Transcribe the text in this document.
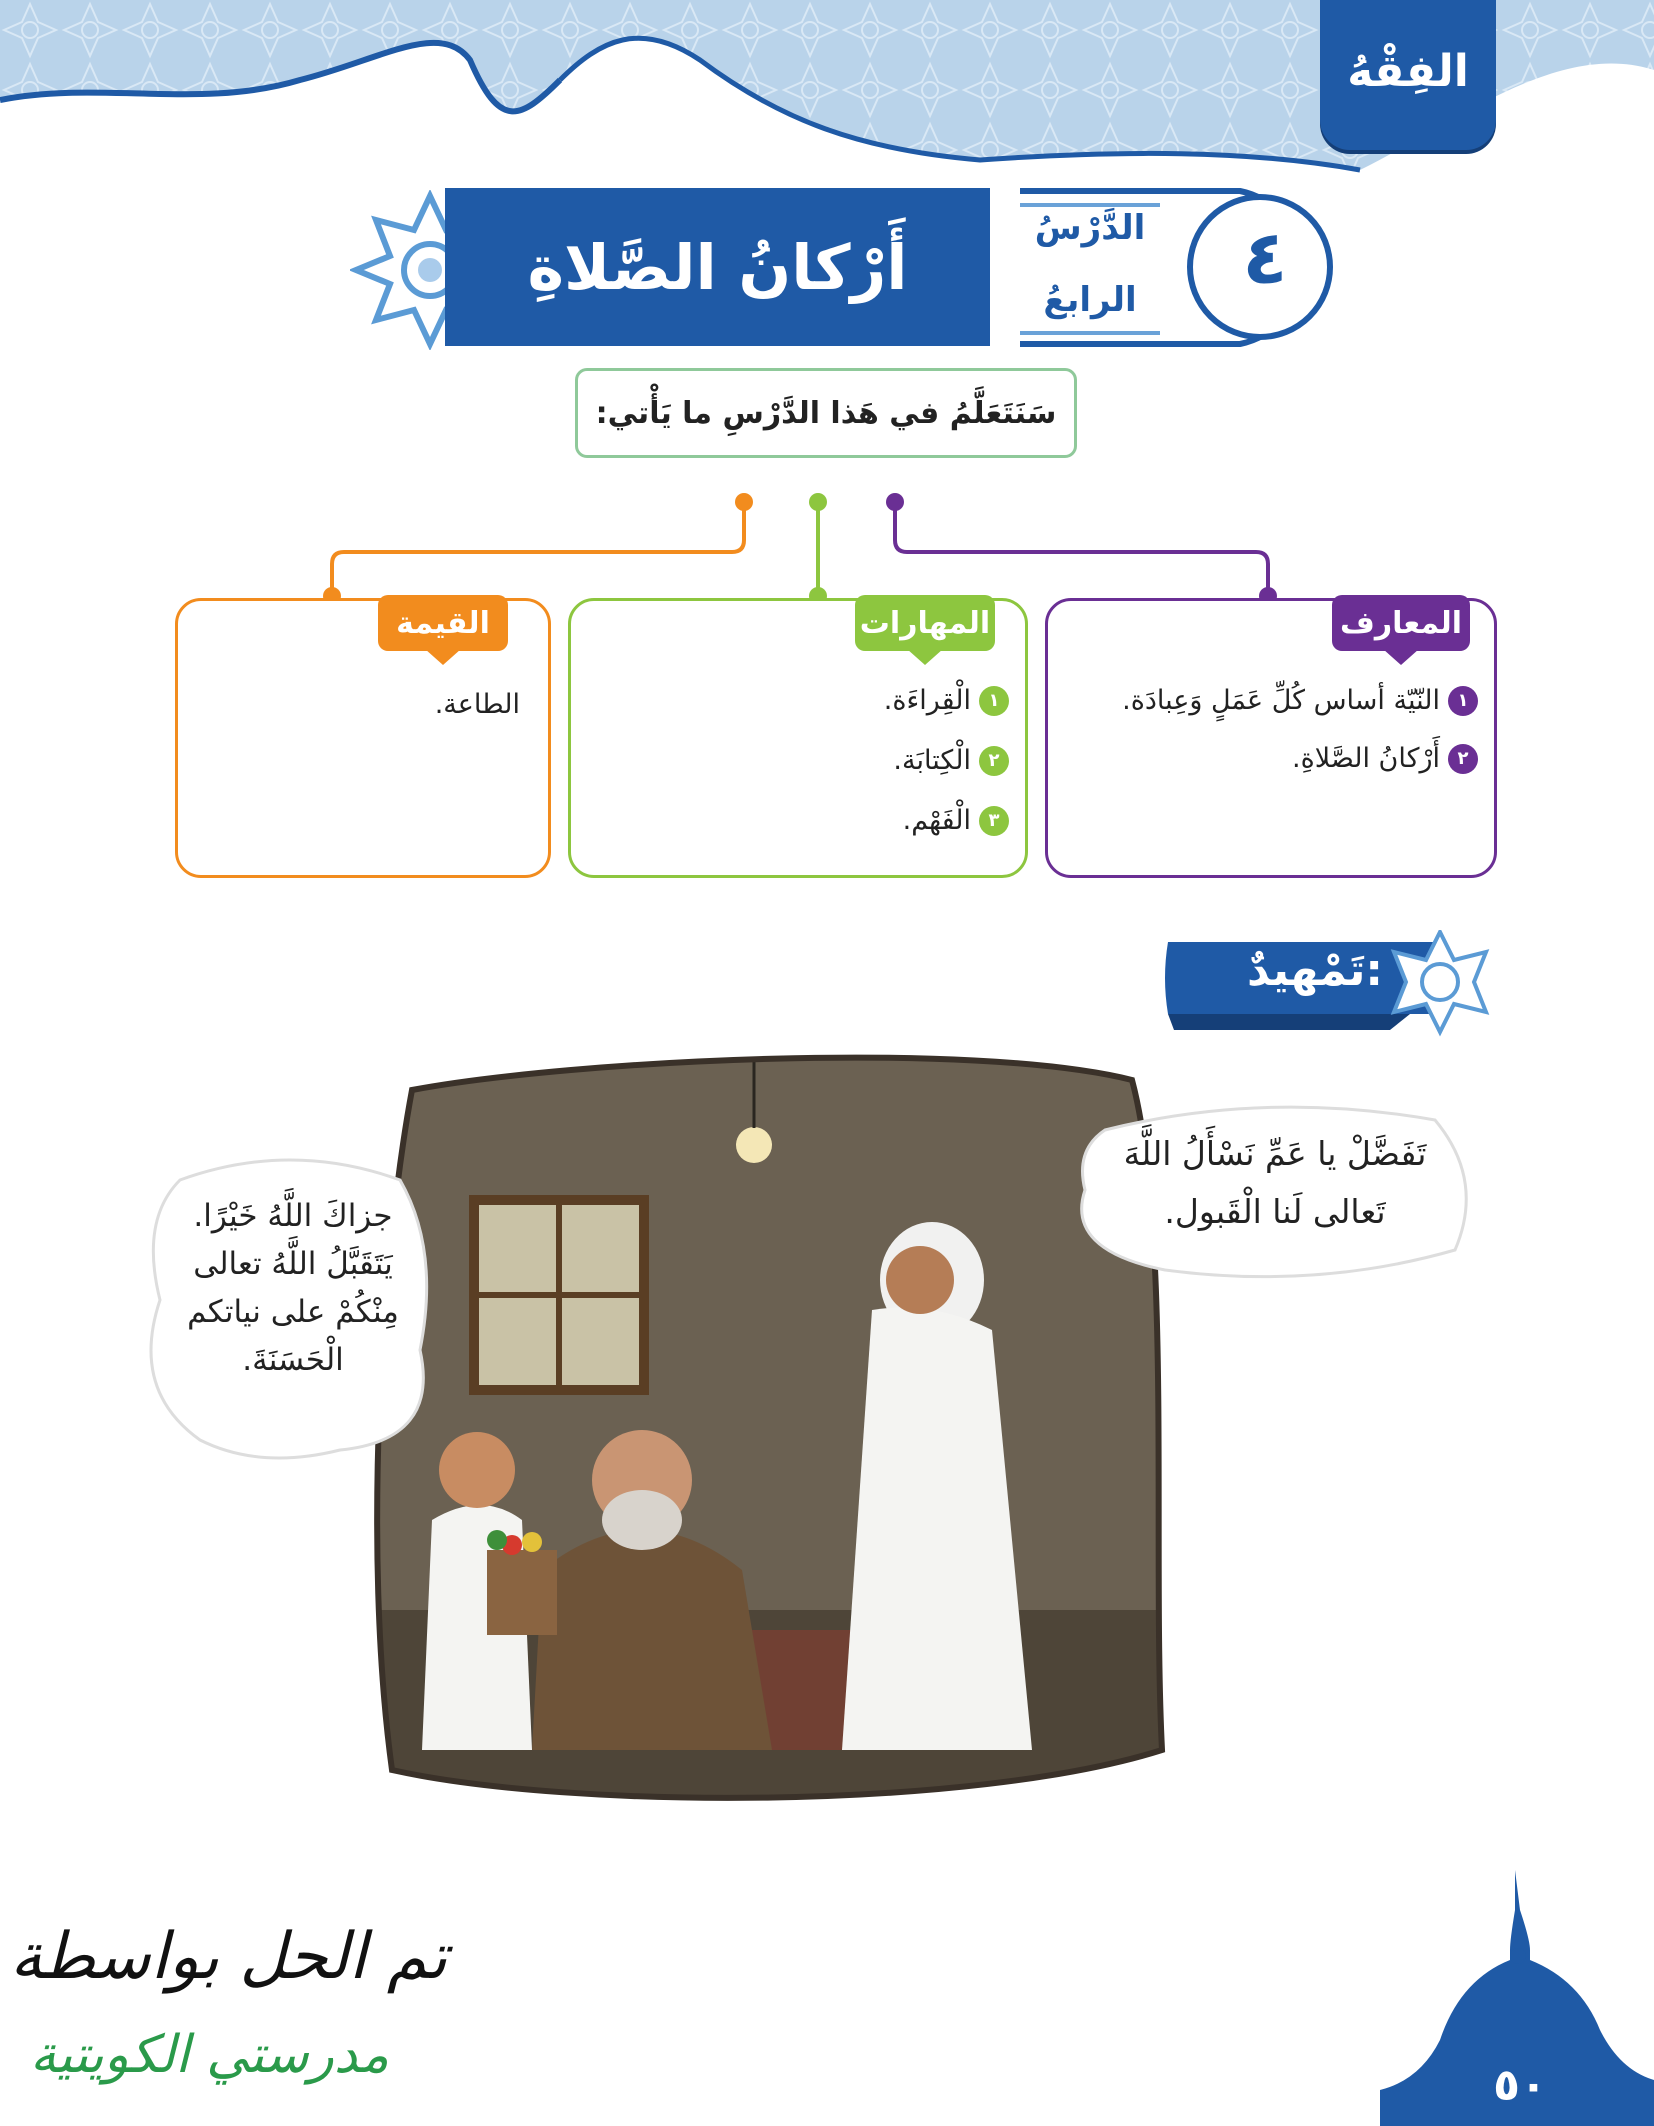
الفِقْهُ
أَرْكانُ الصَّلاةِ
الدَّرْسُ
الرابعُ	٤
سَنَتَعَلَّمُ في هَذا الدَّرْسِ ما يَأْتي:
المعارف
١
النّيّة أساس كُلِّ عَمَلٍ وَعِبادَة.
٢
أَرْكانُ الصَّلاةِ.
المهارات
١
الْقِراءَة.
٢
الْكِتابَة.
٣
الْفَهْم.
القيمة
الطاعة.
تَمْهيدٌ:
جزاكَ اللَّهُ خَيْرًا.
يَتَقَبَّلُ اللَّهُ تعالى
مِنْكُمْ على نياتكم
الْحَسَنَةَ.
تَفَضَّلْ يا عَمِّ نَسْأَلُ اللَّهَ
تَعالى لَنا الْقَبول.
تم الحل بواسطة
مدرستي الكويتية
٥٠
